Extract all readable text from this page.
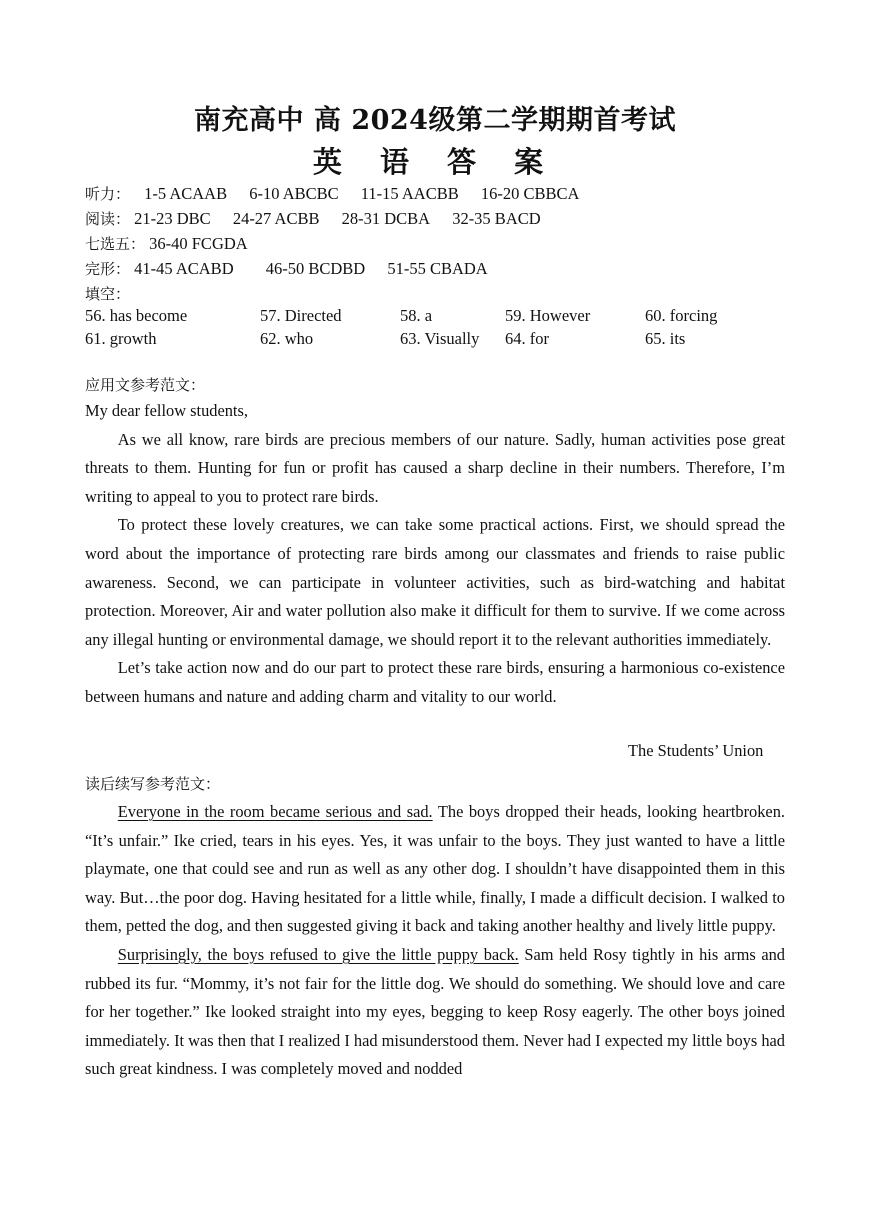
南充高中 高 2024级第二学期期首考试
英 语 答 案
听力： 1-5 ACAAB 6-10 ABCBC 11-15 AACBB 16-20 CBBCA
阅读： 21-23 DBC 24-27 ACBB 28-31 DCBA 32-35 BACD
七选五： 36-40 FCGDA
完形： 41-45 ACABD 46-50 BCDBD 51-55 CBADA
填空：
56. has become	57. Directed	58. a	59. However	60. forcing
61. growth	62. who	63. Visually 64. for	65. its
应用文参考范文：

My dear fellow students,

As we all know, rare birds are precious members of our nature. Sadly, human activities pose great threats to them. Hunting for fun or profit has caused a sharp decline in their numbers. Therefore, I’m writing to appeal to you to protect rare birds.

To protect these lovely creatures, we can take some practical actions. First, we should spread the word about the importance of protecting rare birds among our classmates and friends to raise public awareness. Second, we can participate in volunteer activities, such as bird-watching and habitat protection. Moreover, Air and water pollution also make it difficult for them to survive. If we come across any illegal hunting or environmental damage, we should report it to the relevant authorities immediately.

Let’s take action now and do our part to protect these rare birds, ensuring a harmonious co-existence between humans and nature and adding charm and vitality to our world.

The Students’ Union
读后续写参考范文：

Everyone in the room became serious and sad. The boys dropped their heads, looking heartbroken. “It’s unfair.” Ike cried, tears in his eyes. Yes, it was unfair to the boys. They just wanted to have a little playmate, one that could see and run as well as any other dog. I shouldn’t have disappointed them in this way. But…the poor dog. Having hesitated for a little while, finally, I made a difficult decision. I walked to them, petted the dog, and then suggested giving it back and taking another healthy and lively little puppy.

Surprisingly, the boys refused to give the little puppy back. Sam held Rosy tightly in his arms and rubbed its fur. “Mommy, it’s not fair for the little dog. We should do something. We should love and care for her together.” Ike looked straight into my eyes, begging to keep Rosy eagerly. The other boys joined immediately. It was then that I realized I had misunderstood them. Never had I expected my little boys had such great kindness. I was completely moved and nodded
